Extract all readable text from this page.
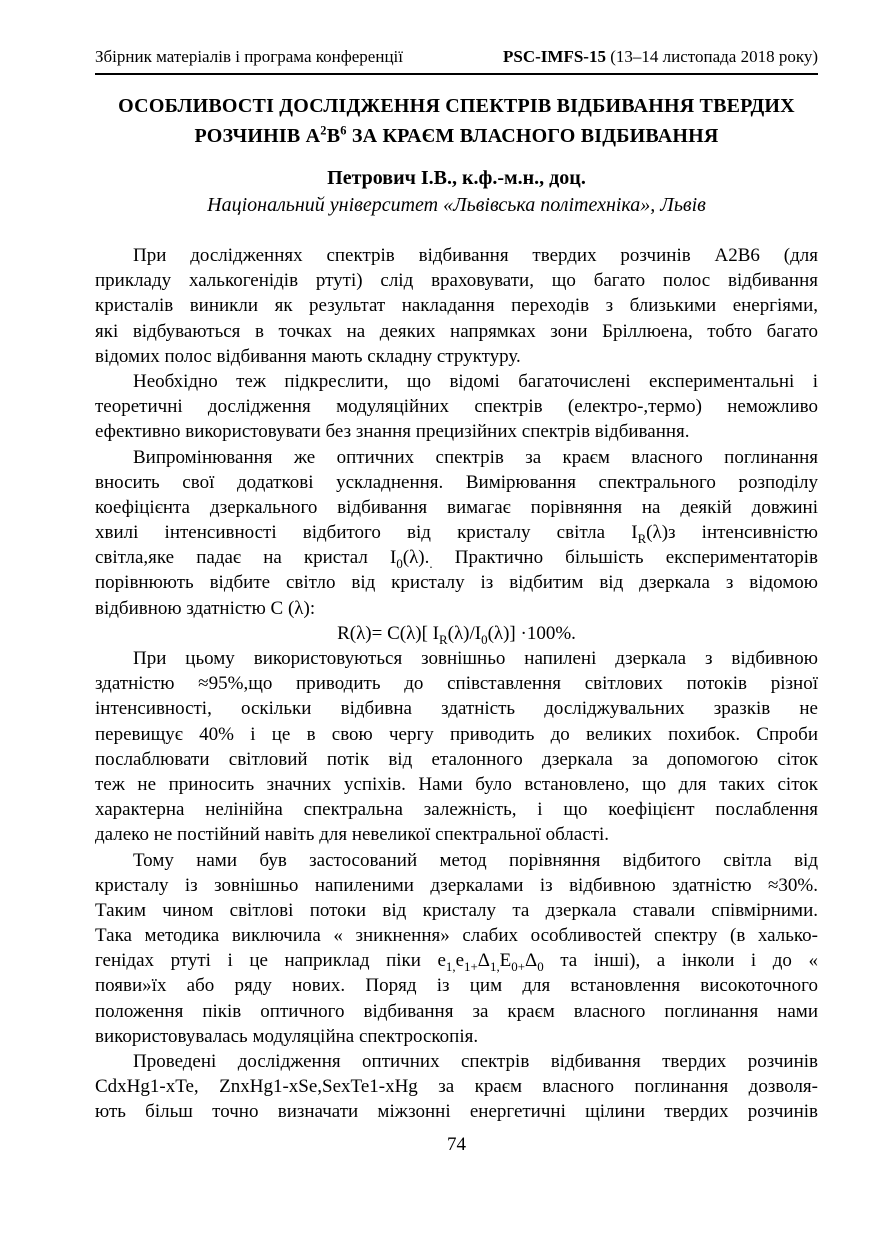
Збірник матеріалів і програма конференції	PSC-IMFS-15 (13–14 листопада 2018 року)
ОСОБЛИВОСТІ ДОСЛІДЖЕННЯ СПЕКТРІВ ВІДБИВАННЯ ТВЕРДИХ
РОЗЧИНІВ $А^2В^6$ ЗА КРАЄМ ВЛАСНОГО ВІДБИВАННЯ
Петрович І.В., к.ф.-м.н., доц.
Національний університет «Львівська політехніка», Львів
При дослідженнях спектрів відбивання твердих розчинів А2В6 (для
прикладу халькогенідів ртуті) слід враховувати, що багато полос відбивання
кристалів виникли як результат накладання переходів з близькими енергіями,
які відбуваються в точках на деяких напрямках зони Бріллюена, тобто багато
відомих полос відбивання мають складну структуру.
Необхідно теж підкреслити, що відомі багаточислені експериментальні і
теоретичні дослідження модуляційних спектрів (електро-,термо) неможливо
ефективно використовувати без знання прецизійних спектрів відбивання.
Випромінювання же оптичних спектрів за краєм власного поглинання
вносить свої додаткові ускладнення. Вимірювання спектрального розподілу
коефіцієнта дзеркального відбивання вимагає порівняння на деякій довжині
хвилі інтенсивності відбитого від кристалу світла $I_R(\lambda)з$ інтенсивністю
світла,яке падає на кристал $I_0(\lambda)._.$ Практично більшість експериментаторів
порівнюють відбите світло від кристалу із відбитим від дзеркала з відомою
відбивною здатністю С (λ):
R(λ)= C(λ)[ $I_R(\lambda)/I_0(\lambda)] \cdot 100\%$.
При цьому використовуються зовнішньо напилені дзеркала з відбивною
здатністю ≈95%,що приводить до співставлення світлових потоків різної
інтенсивності, оскільки відбивна здатність досліджувальних зразків не
перевищує 40% і це в свою чергу приводить до великих похибок. Спроби
послаблювати світловий потік від еталонного дзеркала за допомогою сіток
теж не приносить значних успіхів. Нами було встановлено, що для таких сіток
характерна нелінійна спектральна залежність, і що коефіцієнт послаблення
далеко не постійний навіть для невеликої спектральної області.
Тому нами був застосований метод порівняння відбитого світла від
кристалу із зовнішньо напиленими дзеркалами із відбивною здатністю ≈30%.
Таким чином світлові потоки від кристалу та дзеркала ставали співмірними.
Така методика виключила « зникнення» слабих особливостей спектру (в халько-
генідах ртуті і це наприклад піки $e_{1,}e_{1+}\Delta_{1,}E_{0+}\Delta_0$ та інші), а інколи і до «
появи»їх або ряду нових. Поряд із цим для встановлення високоточного
положення піків оптичного відбивання за краєм власного поглинання нами
використовувалась модуляційна спектроскопія.
Проведені дослідження оптичних спектрів відбивання твердих розчинів
CdxHg1-xTe, ZnxHg1-xSe,SexTe1-xHg за краєм власного поглинання дозволя-
ють більш точно визначати міжзонні енергетичні щілини твердих розчинів
74
